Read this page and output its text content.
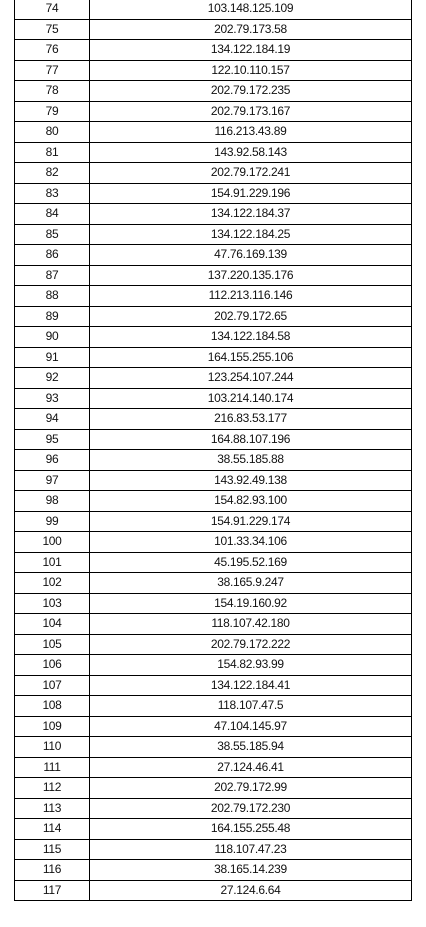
74	103.148.125.109
75	202.79.173.58
76	134.122.184.19
77	122.10.110.157
78	202.79.172.235
79	202.79.173.167
80	116.213.43.89
81	143.92.58.143
82	202.79.172.241
83	154.91.229.196
84	134.122.184.37
85	134.122.184.25
86	47.76.169.139
87	137.220.135.176
88	112.213.116.146
89	202.79.172.65
90	134.122.184.58
91	164.155.255.106
92	123.254.107.244
93	103.214.140.174
94	216.83.53.177
95	164.88.107.196
96	38.55.185.88
97	143.92.49.138
98	154.82.93.100
99	154.91.229.174
100	101.33.34.106
101	45.195.52.169
102	38.165.9.247
103	154.19.160.92
104	118.107.42.180
105	202.79.172.222
106	154.82.93.99
107	134.122.184.41
108	118.107.47.5
109	47.104.145.97
110	38.55.185.94
111	27.124.46.41
112	202.79.172.99
113	202.79.172.230
114	164.155.255.48
115	118.107.47.23
116	38.165.14.239
117	27.124.6.64
